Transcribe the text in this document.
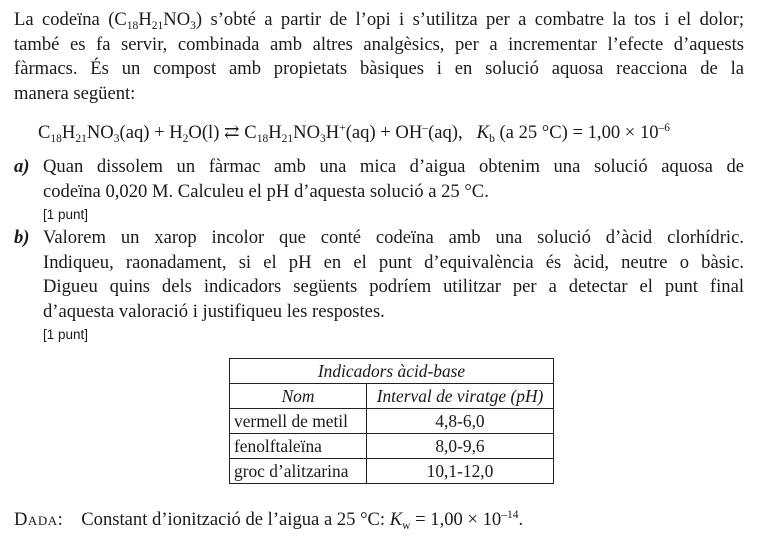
La codeïna $(C_{18}H_{21}NO_3)$ s’obté a partir de l’opi i s’utilitza per a combatre la tos i el dolor;
també es fa servir, combinada amb altres analgèsics, per a incrementar l’efecte d’aquests
fàrmacs. És un compost amb propietats bàsiques i en solució aquosa reacciona de la
manera següent:

$C_{18}H_{21}NO_3(aq) + H_2O(l)$ ⇄ $C_{18}H_{21}NO_3H^+(aq) + OH^-(aq)$, $K_b$ (a 25 $^\circ C) = 1,00 \times 10^{-6}$
a) Quan dissolem un fàrmac amb una mica d’aigua obtenim una solució aquosa de
codeïna 0,020 M. Calculeu el pH d’aquesta solució a 25 °C.
[1 punt]
b) Valorem un xarop incolor que conté codeïna amb una solució d’àcid clorhídric.
Indiqueu, raonadament, si el pH en el punt d’equivalència és àcid, neutre o bàsic.
Digueu quins dels indicadors següents podríem utilitzar per a detectar el punt final
d’aquesta valoració i justifiqueu les respostes.
[1 punt]
Indicadors àcid-base	
Nom	Interval de viratge (pH)
vermell de metil	4,8-6,0
fenolftaleïna	8,0-9,6
groc d’alitzarina	10,1-12,0
Dada: Constant d’ionització de l’aigua a 25 °C: $K_w = 1,00 \times 10^{-14}$.
